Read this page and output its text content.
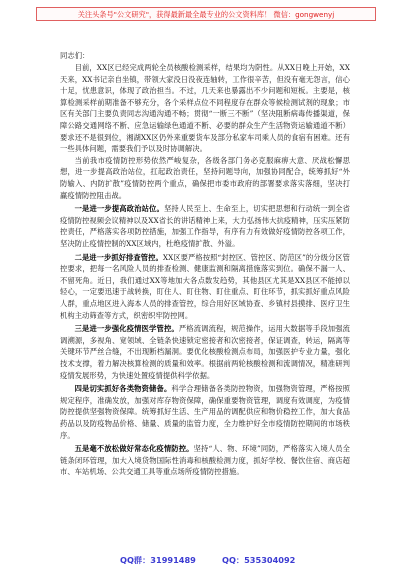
关注头条号"公文研究"，获得最新最全最专业的公文资料库！ 微信：gongwenyj

同志们：

目前，XX区已经完成两轮全员核酸检测采样，结果均为阴性。从XX日晚上开始，XX天来，XX书记亲自坐镇，带领大家没日没夜连轴转，工作很辛苦，但没有毫无怨言，信心十足，忧患意识，体现了政治担当。不过，几天来也暴露出不少问题和短板。主要是，核算检测采样前期准备不够充分，各个采样点位不同程度存在群众等候检测试剂的现象；市区有关部门主要负责同志沟通沟通不畅；贯彻“一断三不断”（坚决阻断病毒传播渠道，保障公路交通网络不断、应急运输绿色通道不断、必要的群众生产生活物资运输通道不断）要求还不是很到位，湘湖XX区仍外来重要货车及部分私家车司乘人员的食宿有困难。还有一些具体问题，需要我们予以及时协调解决。

当前我市疫情防控形势依然严峻复杂，各级各部门务必克服麻痹大意、厌战松懈思想，进一步提高政治站位，扛起政治责任，坚持问题导向，加强协同配合，统筹抓好“外防输入、内防扩散”疫情防控两个重点，确保把市委市政府的部署要求落实落细，坚决打赢疫情防控阻击战。

一是进一步提高政治站位。坚持人民至上、生命至上，切实把思想和行动统一到全省疫情防控视频会议精神以及XX省长的讲话精神上来，大力弘扬伟大抗疫精神，压实压紧防控责任，严格落实各项防控措施，加强工作指导，有序有力有效做好疫情防控各项工作，坚决防止疫情控制的XX区域内，杜绝疫情扩散、外溢。

二是进一步抓好排查管控。XX区要严格按照“封控区、管控区、防范区”的分级分区管控要求，把每一名风险人员的排查检测、健康监测和隔离措施落实到位。确保不漏一人、不留死角。近日，我们通过XX等地加大各点数发趋势，其他县区尤其是XX县区不能掉以轻心，一定要迅速于战转换，盯住人、盯住物、盯住重点、盯住环节，抓实抓好重点风险人群，重点地区进入海本人员的排查管控，综合用好区域协查、乡镇村县摸排、医疗卫生机构主动筛查等方式，织密织牢防控网。

三是进一步强化疫情医学管控。严格流调流程，规范操作，运用大数据等手段加强流调溯源，多视角、宽领域、全链条快速锁定密接者和次密接者，保证调查，转运，隔离等关键环节严丝合缝，不出现断档漏洞。要优化核酸检测点布局，加强医护专业力量，强化技术支撑，着力解决核算检测的质量和效率。根据前两轮核酸检测和流调情况，精准研判疫情发展形势，为快速处置疫情提供科学依据。

四是切实抓好各类物资储备。科学合理储备各类防控物资，加强物资管理，严格按照规定程序，准确发放，加强对库存物资保障，确保重要物资管理，调度有效调度，为疫情防控提供坚强物资保障。统筹抓好生活、生产用品的调配供应和物价稳控工作，加大食品药品以及防疫物品价格、储量、质量的监管力度，全力维护好全市疫情防控期间的市场秩序。

五是毫不放松做好常态化疫情防控。坚持“人、物、环境”同防，严格落实入境人员全链条闭环管理，加大入境货物国际性消毒和核酸检测力度，抓好学校、餐饮住宿、商店超市、车站机场、公共交通工具等重点场所疫情防控措施。

QQ群：31991489	QQ：535304092
